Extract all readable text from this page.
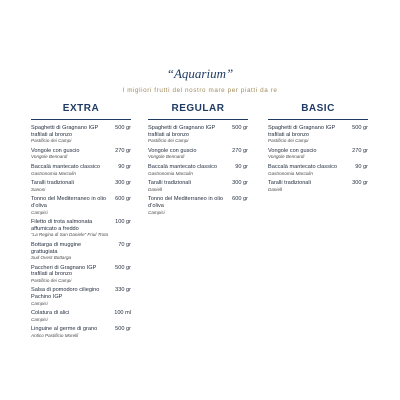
“Aquarium”
I migliori frutti del nostro mare per piatti da re
EXTRA
Spaghetti di Gragnano IGP trafilati al bronzo
Pastificio dei Campi
500 gr
Vongole con guscio
Vongole Bennardi
270 gr
Baccalà mantecato classico
Gastronomia Marcolin
90 gr
Taralli tradizionali
Sanoni
300 gr
Tonno del Mediterraneo in olio d’oliva
Campisi
600 gr
Filetto di trota salmonata affumicato a freddo
“La Regina di San Daniele” Friul Trota
100 gr
Bottarga di muggine grattugiata
Sud Ovest Bottarga
70 gr
Paccheri di Gragnano IGP trafilati al bronzo
Pastificio dei Campi
500 gr
Salsa di pomodoro ciliegino Pachino IGP
Campisi
330 gr
Colatura di alici
Campisi
100 ml
Linguine al germe di grano
Antico Pastificio Morelli
500 gr
REGULAR
Spaghetti di Gragnano IGP trafilati al bronzo
Pastificio dei Campi
500 gr
Vongole con guscio
Vongole Bennardi
270 gr
Baccalà mantecato classico
Gastronomia Marcolin
90 gr
Taralli tradizionali
Daniell
300 gr
Tonno del Mediterraneo in olio d’oliva
Campisi
600 gr
BASIC
Spaghetti di Gragnano IGP trafilati al bronzo
Pastificio dei Campi
500 gr
Vongole con guscio
Vongole Bennardi
270 gr
Baccalà mantecato classico
Gastronomia Marcolin
90 gr
Taralli tradizionali
Daniell
300 gr
